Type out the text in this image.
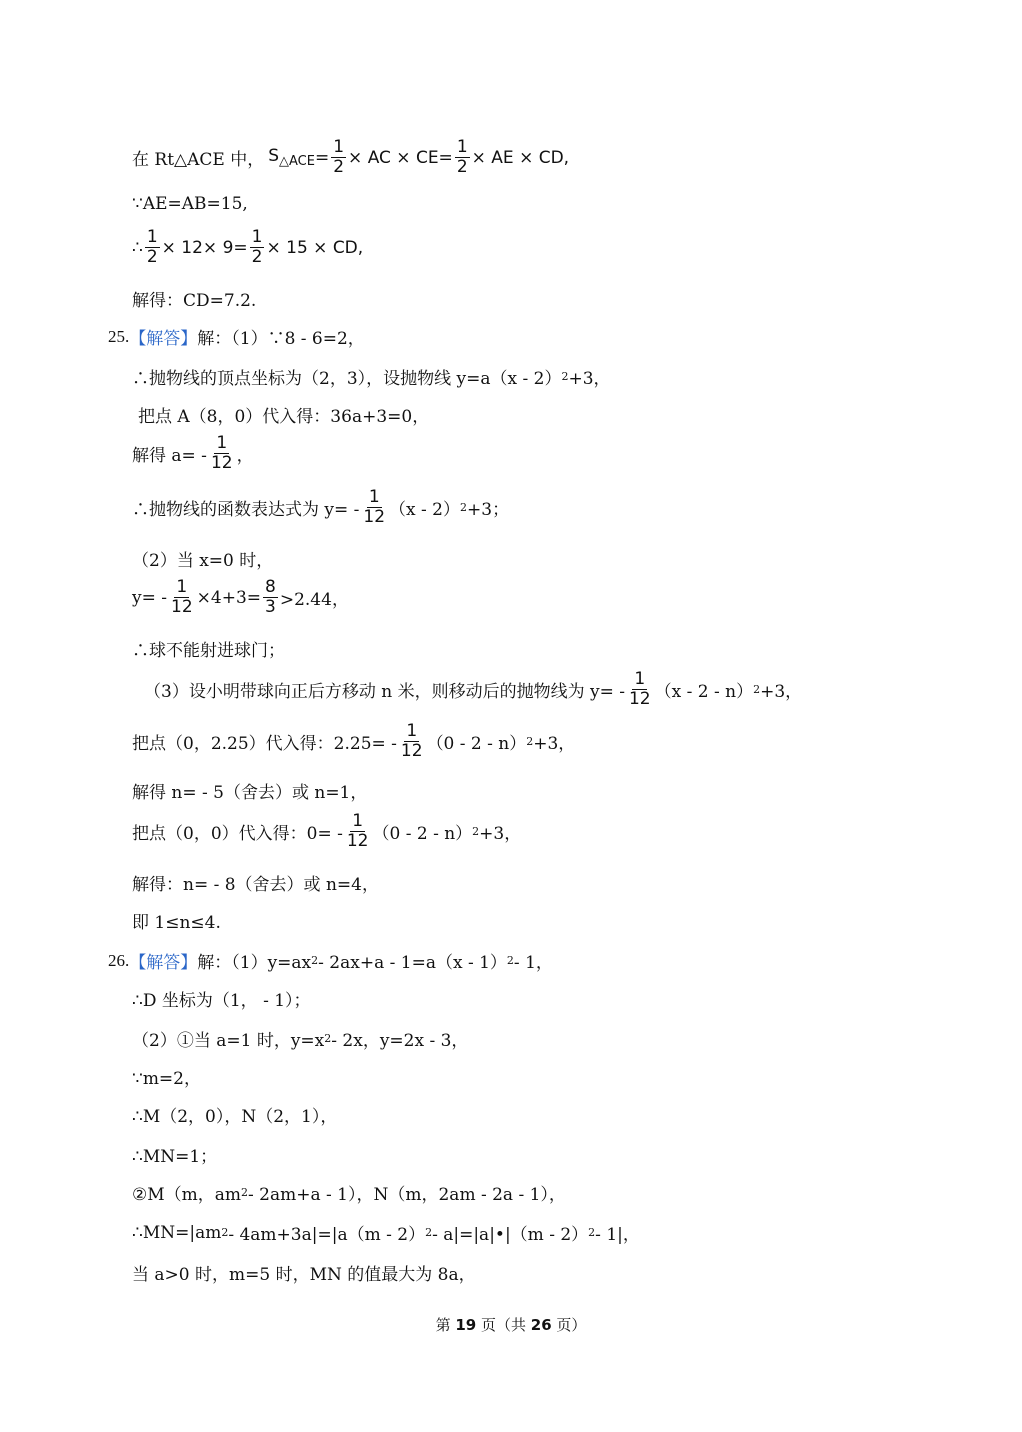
在 Rt△ACE 中， $S_{\triangle ACE} = \frac{1}{2}$ × AC × $CE= \frac{1}{2}$ × AE × CD,
∵AE=AB=15,
∴ $\frac{1}{2} \times 12\times 9= \frac{1}{2} \times 15$ × CD,
解得：CD=7.2.
25. 【解答】 解：（1）∵8 - 6=2，
∴抛物线的顶点坐标为（2，3），设抛物线 y=a（x - 2） 2 +3，
把点 A（8，0）代入得：36a+3=0，
解得 $a= - \frac{1}{12}$ ，
∴抛物线的函数表达式为 $y= - \frac{1}{12} (x - 2)$ 2 +3；
（2）当 x=0 时，
$y= - \frac{1}{12} \times 4+3= \frac{8}{3} >2.44$，
∴球不能射进球门；
（3）设小明带球向正后方移动 n 米，则移动后的抛物线为 $y= - \frac{1}{12} (x - 2 - n)$ 2 +3，
把点（0，2.25）代入得：$2.25= - \frac{1}{12} (0 - 2 - n)$ 2 +3，
解得 n= - 5（舍去）或 n=1，
把点（0，0）代入得：$0= - \frac{1}{12} (0 - 2 - n)$ 2 +3，
解得：n= - 8（舍去）或 n=4，
即 1≤n≤4.
26. 【解答】 解：（1）y=ax 2 - 2ax+a - 1=a（x - 1） 2 - 1，
∴D 坐标为（1， - 1）；
（2）①当 a=1 时，y=x 2 - 2x，y=2x - 3，
∵m=2，
∴M（2，0），N（2，1），
∴MN=1；
②M（m，am 2 - 2am+a - 1），N（m，2am - 2a - 1），
∴MN=|am 2 - 4am+3a|=|a（m - 2） 2 - a|=|a|•|（m - 2） 2 - 1|，
当 a>0 时，m=5 时，MN 的值最大为 8a，
第 19 页（共 26 页）
